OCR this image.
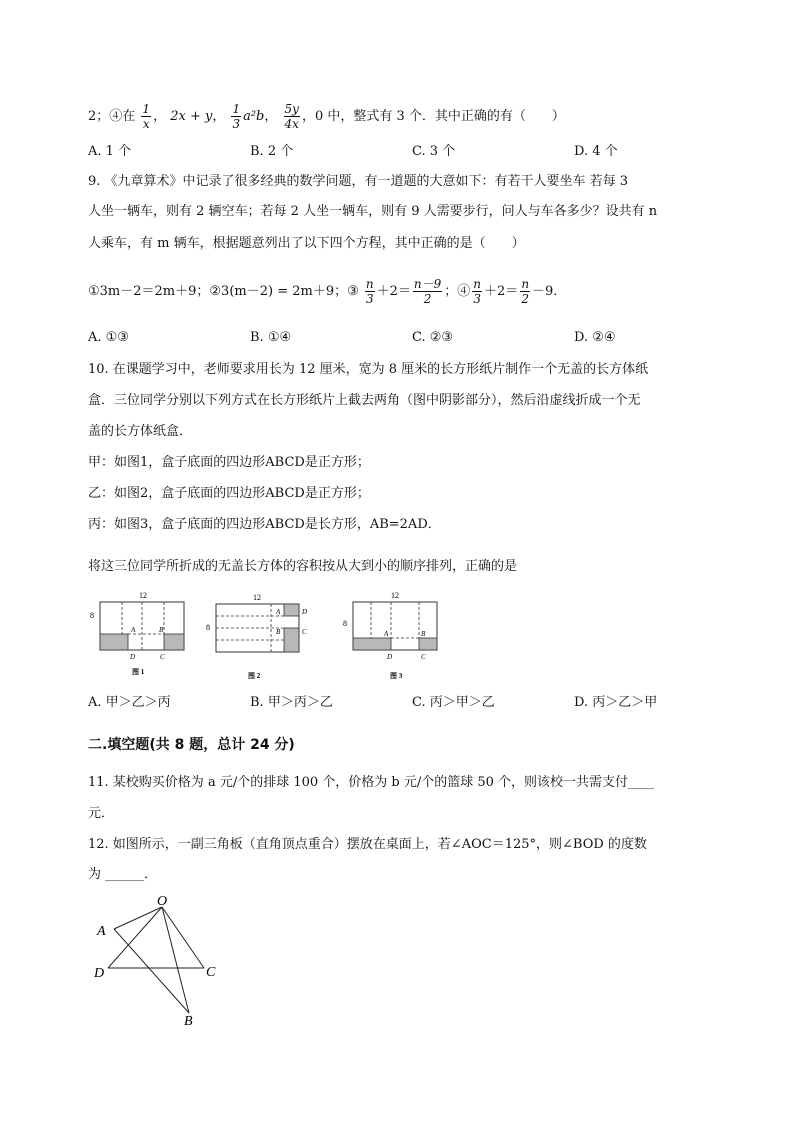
2；④在 $\frac{1}{x}$ ， 2x + y， $\frac{1}{3} a^2b$， $\frac{5y}{4x}$ ，0 中，整式有 3 个．其中正确的有（　　）
A. 1 个	B. 2 个	C. 3 个	D. 4 个
9. 《九章算术》中记录了很多经典的数学问题，有一道题的大意如下：有若干人要坐车 若每 3
人坐一辆车，则有 2 辆空车；若每 2 人坐一辆车，则有 9 人需要步行，问人与车各多少？设共有 n
人乘车，有 m 辆车，根据题意列出了以下四个方程，其中正确的是（　　）
①3m－2＝2m＋9；②3(m－2) = 2m＋9；③ $\frac{n}{3} +2= \frac{n-9}{2}$ ；④ $\frac{n}{3} +2= \frac{n}{2} -9$．
A. ①③	B. ①④	C. ②③	D. ②④
10. 在课题学习中，老师要求用长为 12 厘米，宽为 8 厘米的长方形纸片制作一个无盖的长方体纸
盒．三位同学分别以下列方式在长方形纸片上截去两角（图中阴影部分），然后沿虚线折成一个无
盖的长方体纸盒．
甲：如图1，盒子底面的四边形ABCD是正方形；
乙：如图2，盒子底面的四边形ABCD是正方形；
丙：如图3，盒子底面的四边形ABCD是长方形，AB=2AD．
将这三位同学所折成的无盖长方体的容积按从大到小的顺序排列，正确的是
12
8
A	B
D	C
图 1
12
8
A	D
B	C
图 2
12
8
A	B
D	C
图 3
A. 甲＞乙＞丙	B. 甲＞丙＞乙	C. 丙＞甲＞乙	D. 丙＞乙＞甲
二.填空题(共 8 题，总计 24 分)
11. 某校购买价格为 a 元/个的排球 100 个，价格为 b 元/个的篮球 50 个，则该校一共需支付____
元．
12. 如图所示，一副三角板（直角顶点重合）摆放在桌面上，若∠AOC＝125°，则∠BOD 的度数
为 ______．
O
A
D	C
B
